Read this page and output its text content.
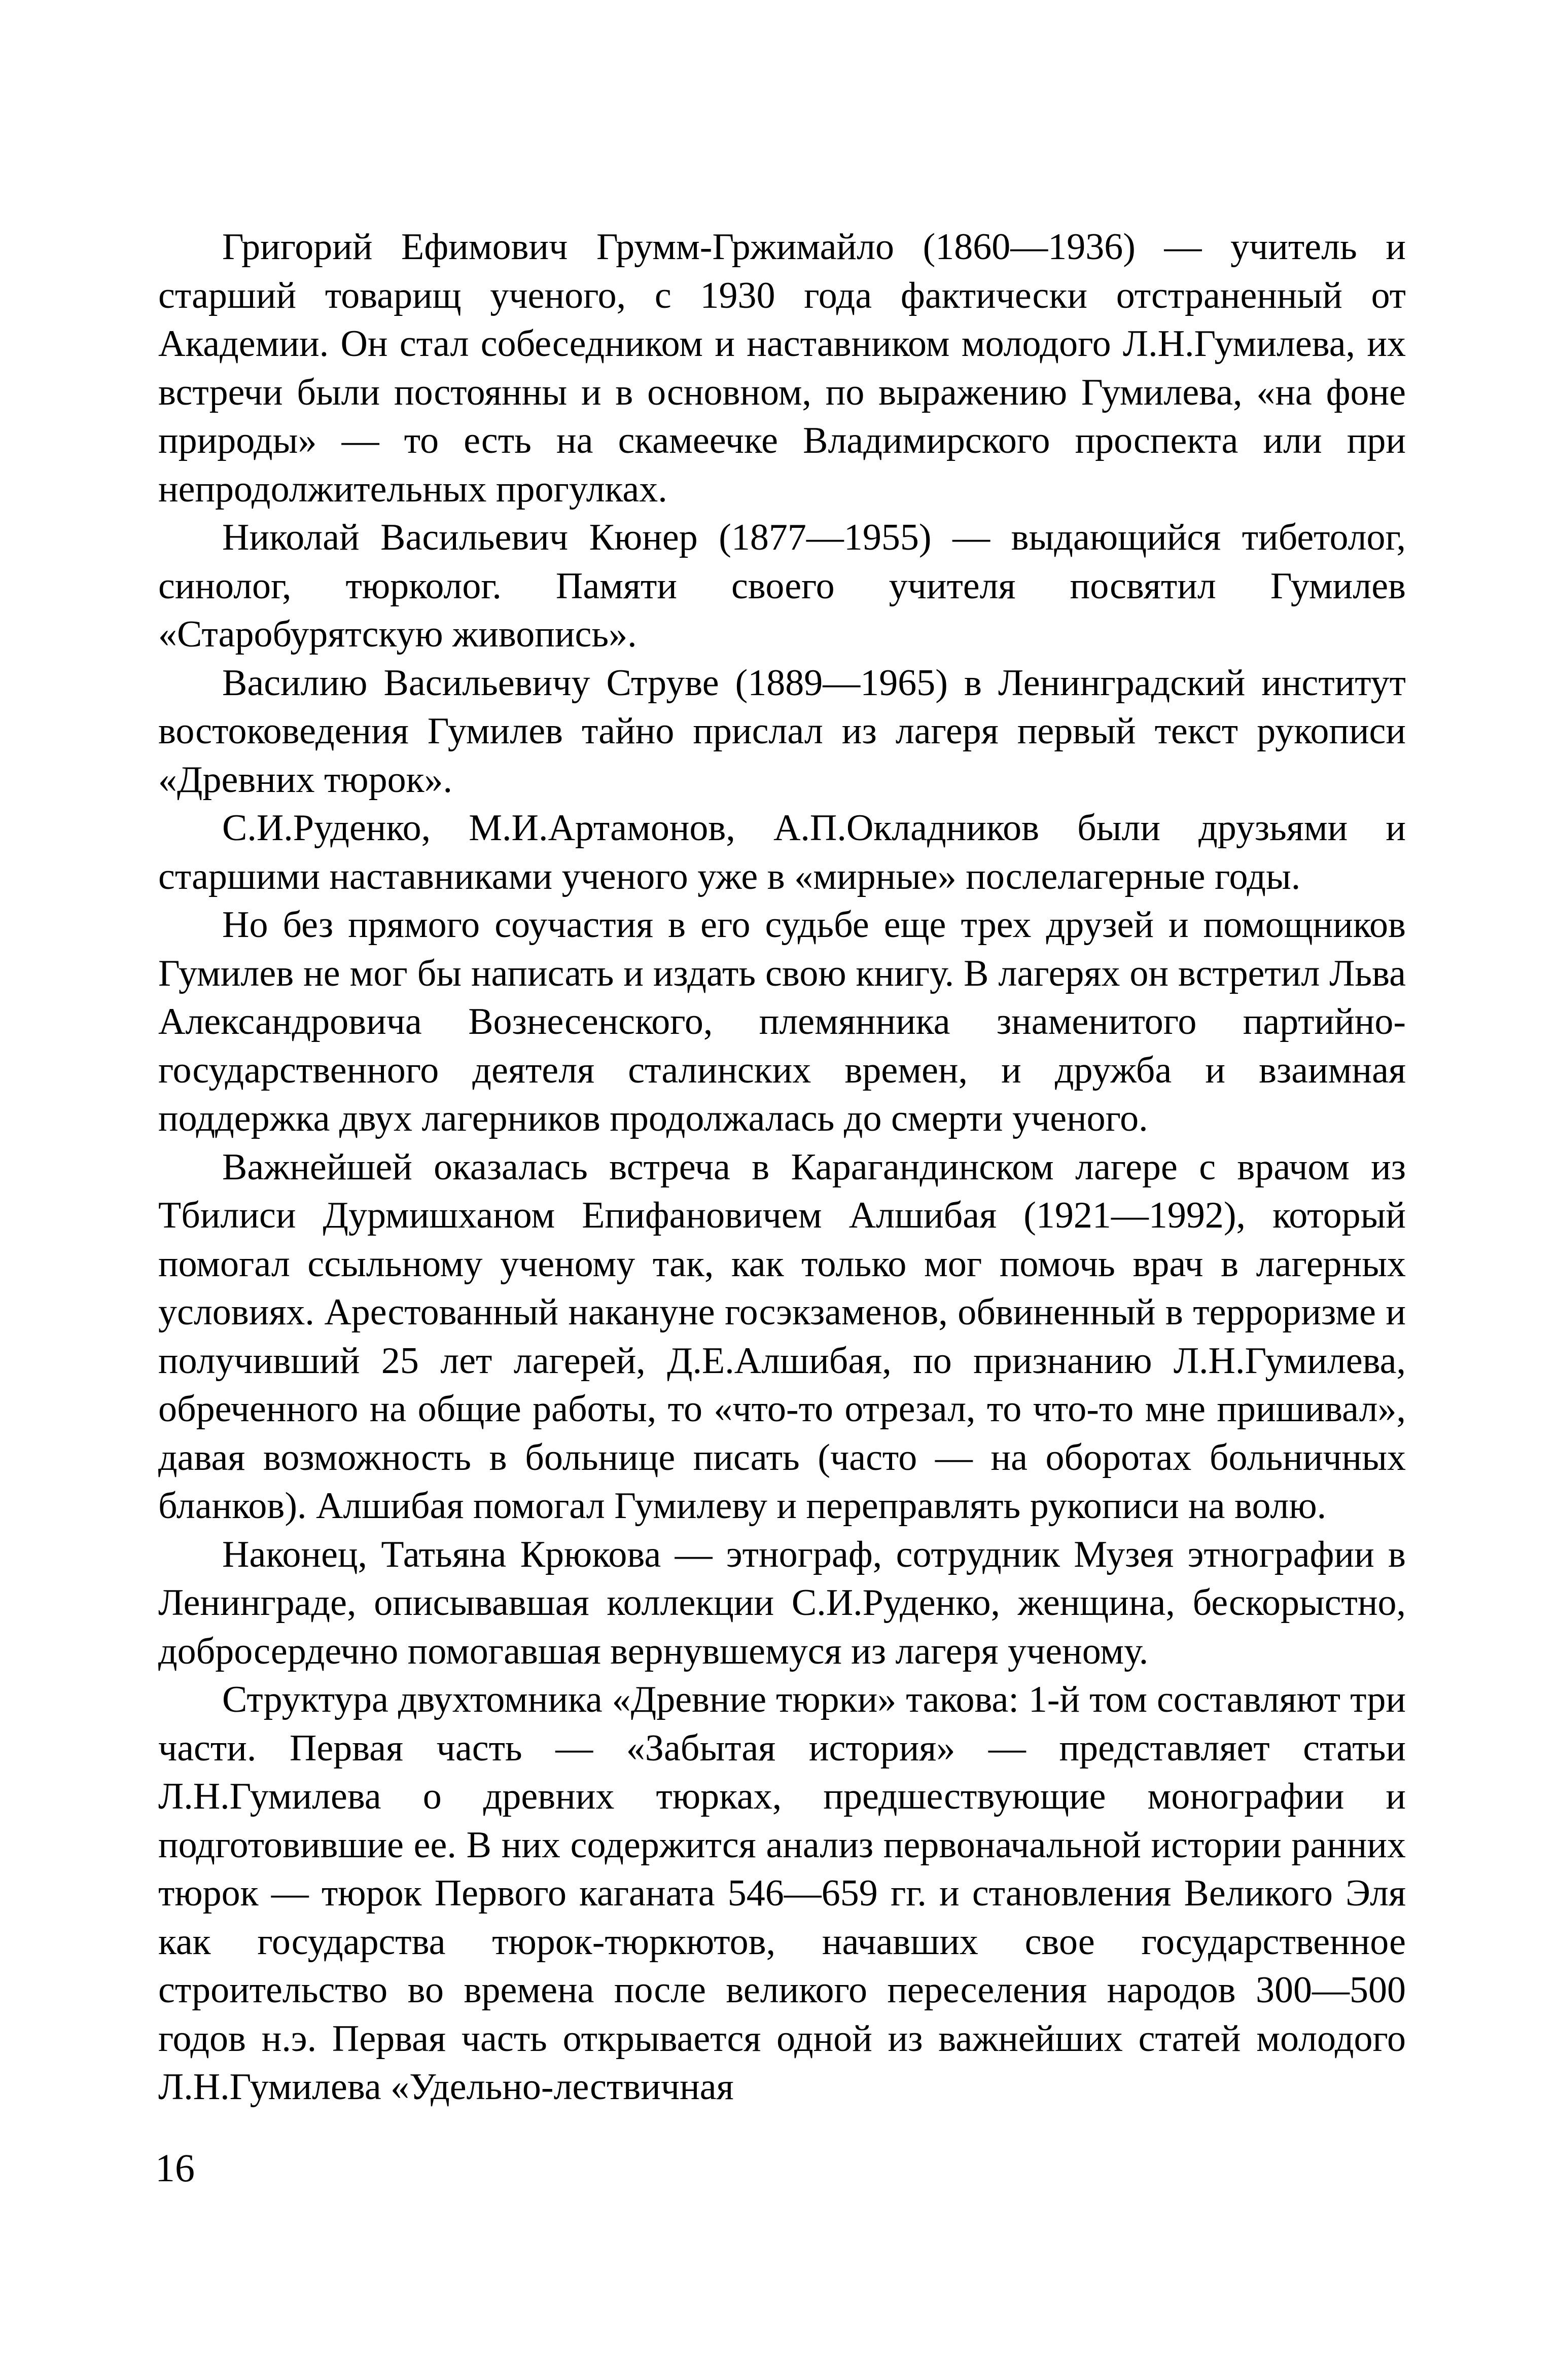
Григорий Ефимович Грумм-Гржимайло (1860—1936) — учитель и старший товарищ ученого, с 1930 года фактически отстраненный от Академии. Он стал собеседником и наставником молодого Л.Н.Гумилева, их встречи были постоянны и в основном, по выражению Гумилева, «на фоне природы» — то есть на скамеечке Владимирского проспекта или при непродолжительных прогулках.

Николай Васильевич Кюнер (1877—1955) — выдающийся тибетолог, синолог, тюрколог. Памяти своего учителя посвятил Гумилев «Старобурятскую живопись».

Василию Васильевичу Струве (1889—1965) в Ленинградский институт востоковедения Гумилев тайно прислал из лагеря первый текст рукописи «Древних тюрок».

С.И.Руденко, М.И.Артамонов, А.П.Окладников были друзьями и старшими наставниками ученого уже в «мирные» послелагерные годы.

Но без прямого соучастия в его судьбе еще трех друзей и помощников Гумилев не мог бы написать и издать свою книгу. В лагерях он встретил Льва Александровича Вознесенского, племянника знаменитого партийно-государственного деятеля сталинских времен, и дружба и взаимная поддержка двух лагерников продолжалась до смерти ученого.

Важнейшей оказалась встреча в Карагандинском лагере с врачом из Тбилиси Дурмишханом Епифановичем Алшибая (1921—1992), который помогал ссыльному ученому так, как только мог помочь врач в лагерных условиях. Арестованный накануне госэкзаменов, обвиненный в терроризме и получивший 25 лет лагерей, Д.Е.Алшибая, по признанию Л.Н.Гумилева, обреченного на общие работы, то «что-то отрезал, то что-то мне пришивал», давая возможность в больнице писать (часто — на оборотах больничных бланков). Алшибая помогал Гумилеву и переправлять рукописи на волю.

Наконец, Татьяна Крюкова — этнограф, сотрудник Музея этнографии в Ленинграде, описывавшая коллекции С.И.Руденко, женщина, бескорыстно, добросердечно помогавшая вернувшемуся из лагеря ученому.

Структура двухтомника «Древние тюрки» такова: 1-й том составляют три части. Первая часть — «Забытая история» — представляет статьи Л.Н.Гумилева о древних тюрках, предшествующие монографии и подготовившие ее. В них содержится анализ первоначальной истории ранних тюрок — тюрок Первого каганата 546—659 гг. и становления Великого Эля как государства тюрок-тюркютов, начавших свое государственное строительство во времена после великого переселения народов 300—500 годов н.э. Первая часть открывается одной из важнейших статей молодого Л.Н.Гумилева «Удельно-лествичная

16
